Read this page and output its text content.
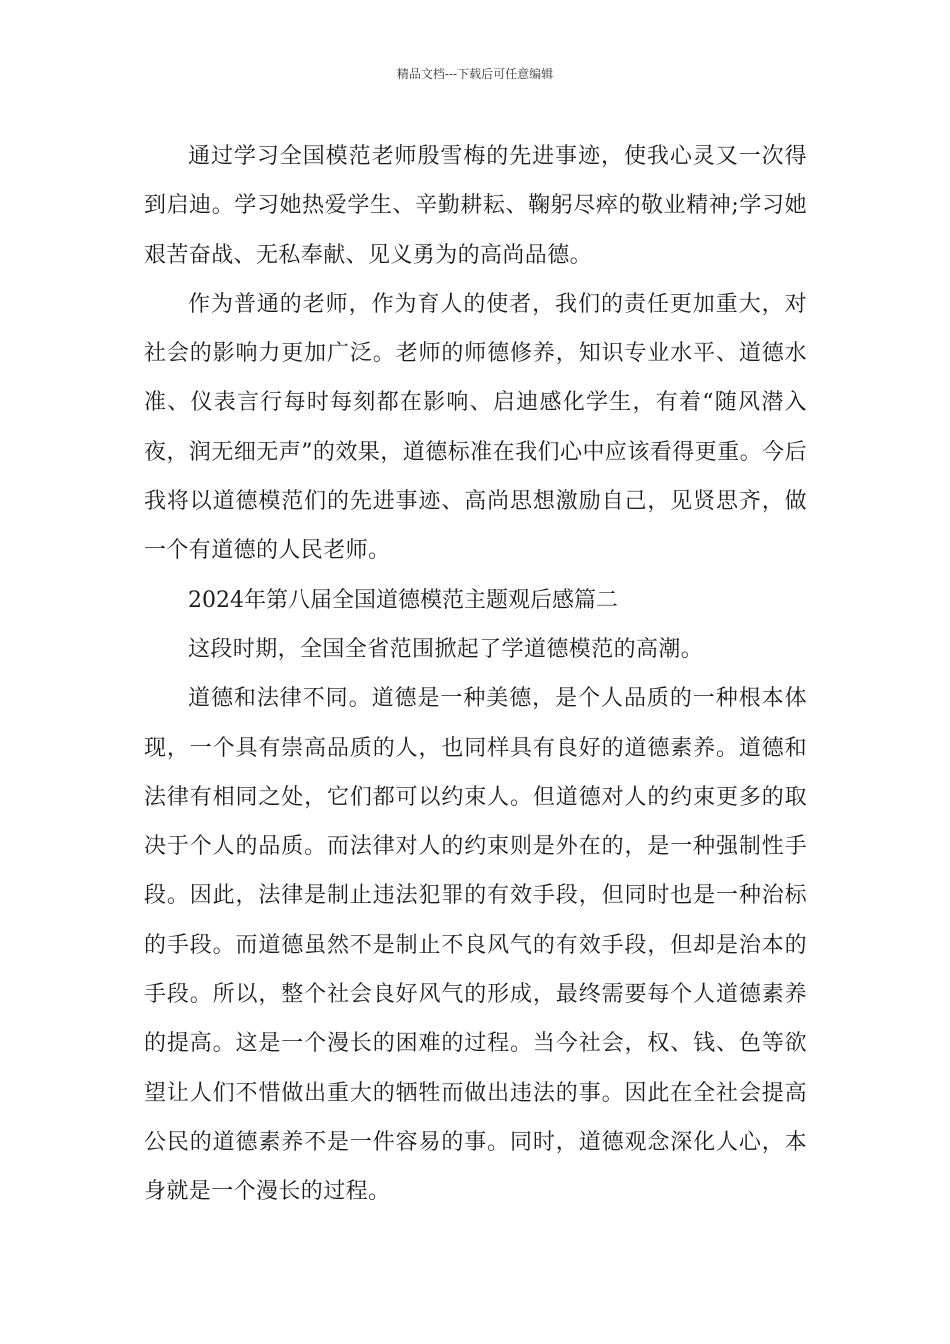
精品文档---下载后可任意编辑

通过学习全国模范老师殷雪梅的先进事迹，使我心灵又一次得到启迪。学习她热爱学生、辛勤耕耘、鞠躬尽瘁的敬业精神;学习她艰苦奋战、无私奉献、见义勇为的高尚品德。

作为普通的老师，作为育人的使者，我们的责任更加重大，对社会的影响力更加广泛。老师的师德修养，知识专业水平、道德水准、仪表言行每时每刻都在影响、启迪感化学生，有着“随风潜入夜，润无细无声”的效果，道德标准在我们心中应该看得更重。今后我将以道德模范们的先进事迹、高尚思想激励自己，见贤思齐，做一个有道德的人民老师。

2024年第八届全国道德模范主题观后感篇二

这段时期，全国全省范围掀起了学道德模范的高潮。

道德和法律不同。道德是一种美德，是个人品质的一种根本体现，一个具有崇高品质的人，也同样具有良好的道德素养。道德和法律有相同之处，它们都可以约束人。但道德对人的约束更多的取决于个人的品质。而法律对人的约束则是外在的，是一种强制性手段。因此，法律是制止违法犯罪的有效手段，但同时也是一种治标的手段。而道德虽然不是制止不良风气的有效手段，但却是治本的手段。所以，整个社会良好风气的形成，最终需要每个人道德素养的提高。这是一个漫长的困难的过程。当今社会，权、钱、色等欲望让人们不惜做出重大的牺牲而做出违法的事。因此在全社会提高公民的道德素养不是一件容易的事。同时，道德观念深化人心，本身就是一个漫长的过程。
